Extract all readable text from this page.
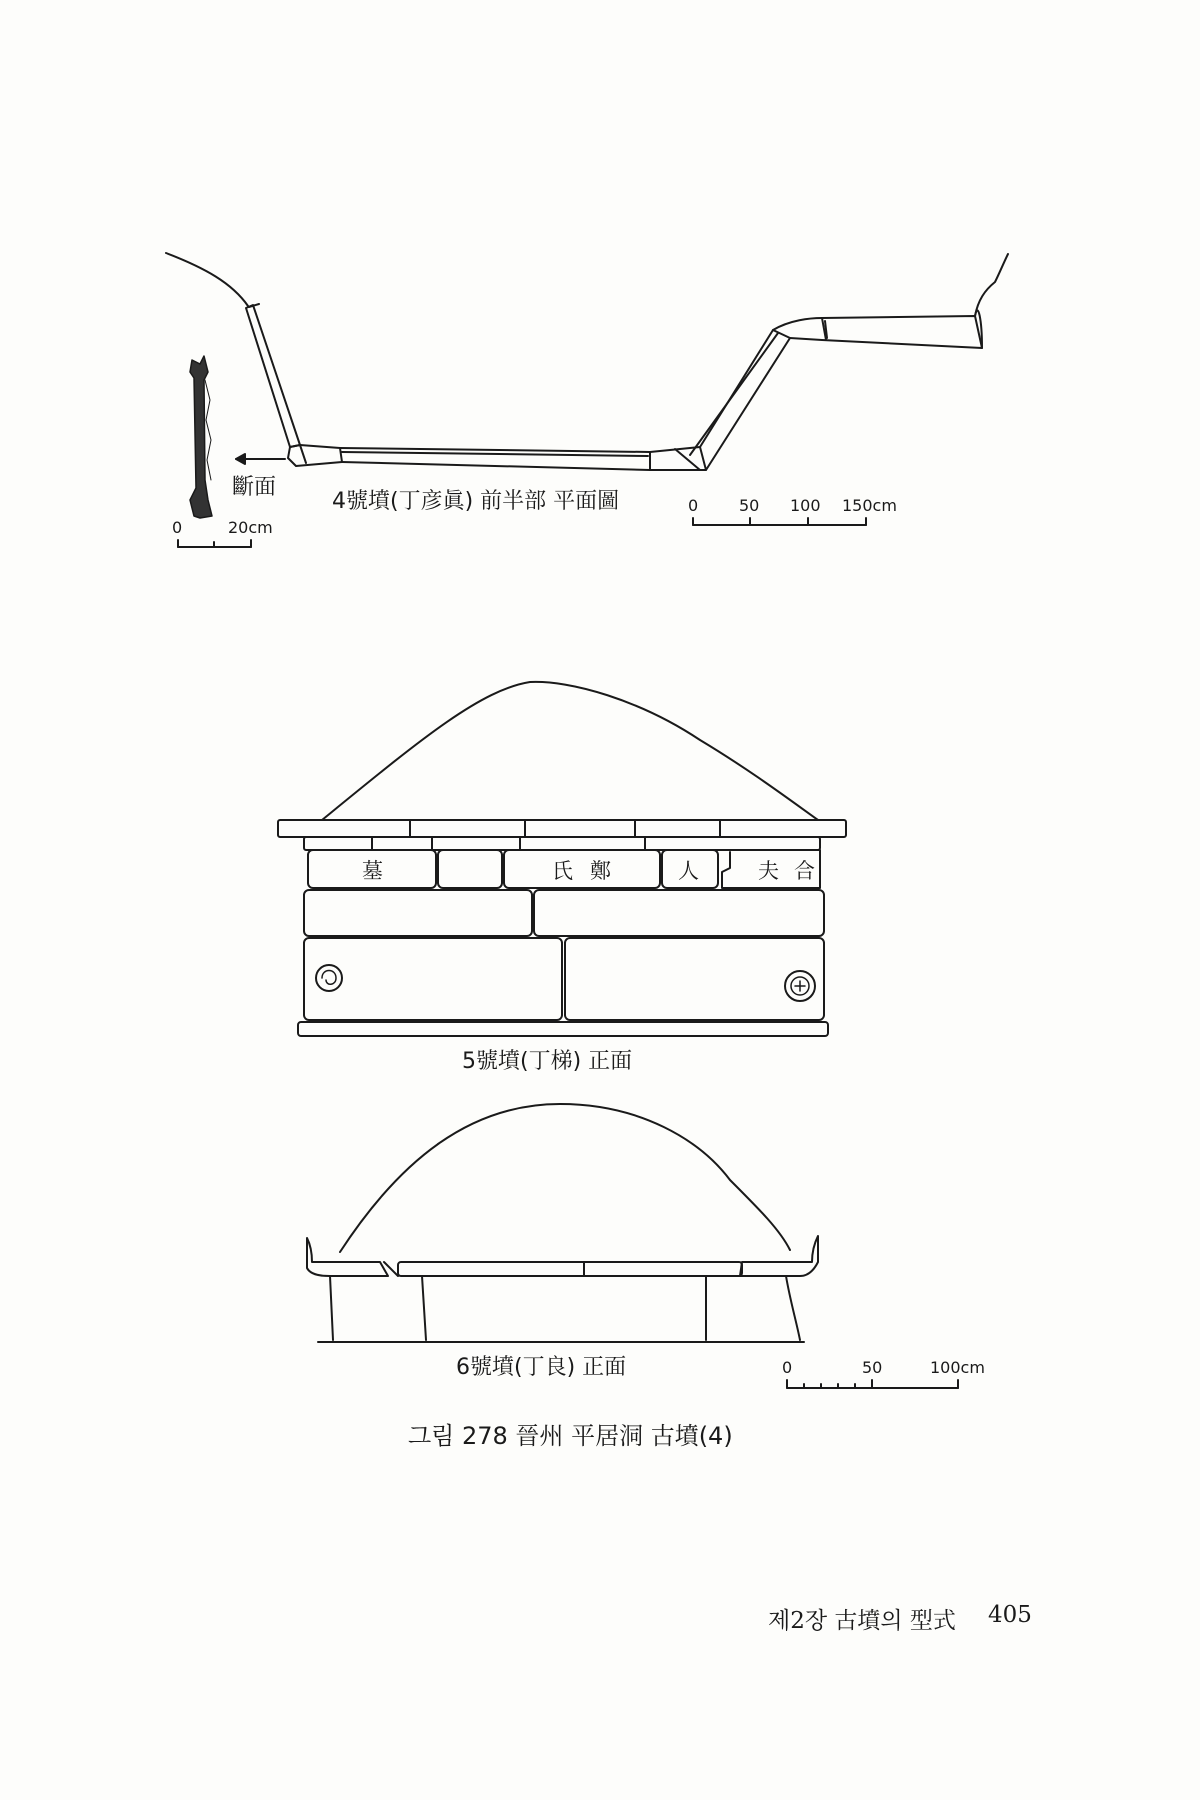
斷面
0	20cm
4號墳(丁彦眞) 前半部 平面圖	0	50 100 150cm
墓	氏 鄭	人	夫 合
5號墳(丁梯) 正面
6號墳(丁良) 正面	0	50	100cm
그림 278 晉州 平居洞 古墳(4)
제2장 古墳의 型式 405
